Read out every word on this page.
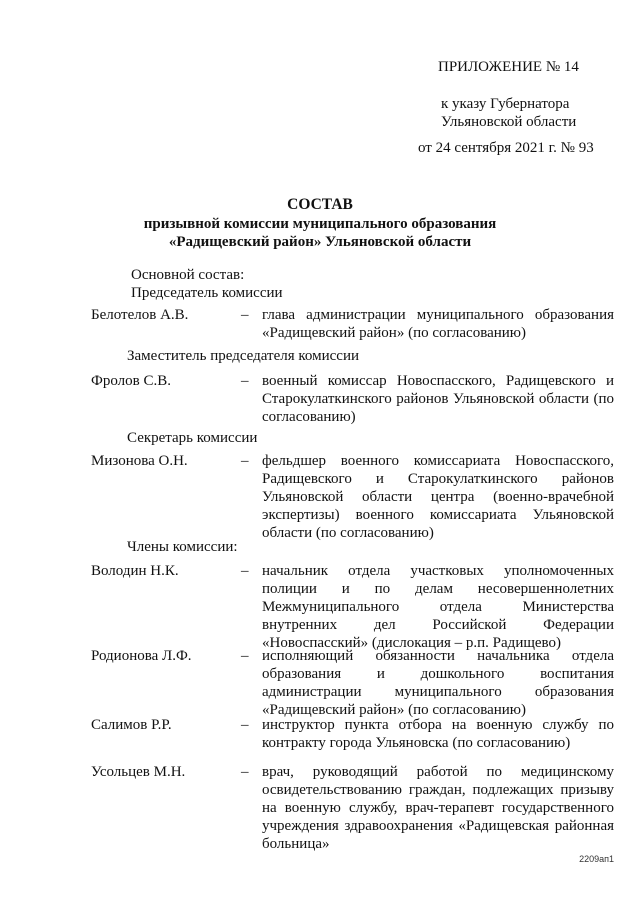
ПРИЛОЖЕНИЕ № 14
к указу Губернатора
Ульяновской области
от 24 сентября 2021 г. № 93
СОСТАВ
призывной комиссии муниципального образования
«Радищевский район» Ульяновской области
Основной состав:
Председатель комиссии
Белотелов А.В.	– глава администрации муниципального образования «Радищевский район» (по согласованию)
Заместитель председателя комиссии
Фролов С.В.	– военный комиссар Новоспасского, Радищевского и Старокулаткинского районов Ульяновской области (по согласованию)
Секретарь комиссии
Мизонова О.Н.	– фельдшер военного комиссариата Новоспасского, Радищевского и Старокулаткинского районов Ульяновской области центра (военно-врачебной экспертизы) военного комиссариата Ульяновской области (по согласованию)
Члены комиссии:
Володин Н.К.	– начальник отдела участковых уполномоченных полиции и по делам несовершеннолетних Межмуниципального отдела Министерства внутренних дел Российской Федерации «Новоспасский» (дислокация – р.п. Радищево)
Родионова Л.Ф.	– исполняющий обязанности начальника отдела образования и дошкольного воспитания администрации муниципального образования «Радищевский район» (по согласованию)
Салимов Р.Р.	– инструктор пункта отбора на военную службу по контракту города Ульяновска (по согласованию)
Усольцев М.Н.	– врач, руководящий работой по медицинскому освидетельствованию граждан, подлежащих призыву на военную службу, врач-терапевт государственного учреждения здравоохранения «Радищевская районная больница»
2209ап1
